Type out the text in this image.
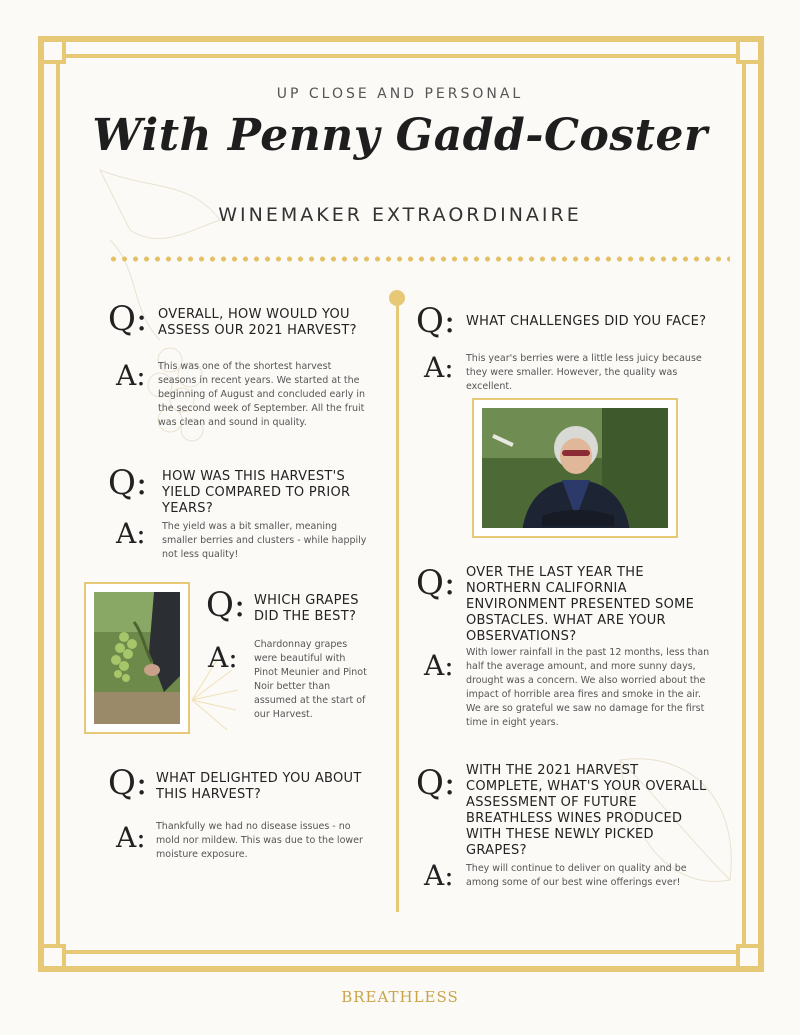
UP CLOSE AND PERSONAL
With Penny Gadd-Coster
WINEMAKER EXTRAORDINAIRE
Q: OVERALL, HOW WOULD YOU ASSESS OUR 2021 HARVEST?
A: This was one of the shortest harvest seasons in recent years. We started at the beginning of August and concluded early in the second week of September. All the fruit was clean and sound in quality.
Q: HOW WAS THIS HARVEST'S YIELD COMPARED TO PRIOR YEARS?
A: The yield was a bit smaller, meaning smaller berries and clusters - while happily not less quality!
Q: WHICH GRAPES DID THE BEST?
A: Chardonnay grapes were beautiful with Pinot Meunier and Pinot Noir better than assumed at the start of our Harvest.
Q: WHAT DELIGHTED YOU ABOUT THIS HARVEST?
A: Thankfully we had no disease issues - no mold nor mildew. This was due to the lower moisture exposure.
Q: WHAT CHALLENGES DID YOU FACE?
A: This year's berries were a little less juicy because they were smaller. However, the quality was excellent.
Q: OVER THE LAST YEAR THE NORTHERN CALIFORNIA ENVIRONMENT PRESENTED SOME OBSTACLES. WHAT ARE YOUR OBSERVATIONS?
A: With lower rainfall in the past 12 months, less than half the average amount, and more sunny days, drought was a concern. We also worried about the impact of horrible area fires and smoke in the air. We are so grateful we saw no damage for the first time in eight years.
Q: WITH THE 2021 HARVEST COMPLETE, WHAT'S YOUR OVERALL ASSESSMENT OF FUTURE BREATHLESS WINES PRODUCED WITH THESE NEWLY PICKED GRAPES?
A: They will continue to deliver on quality and be among some of our best wine offerings ever!
BREATHLESS
